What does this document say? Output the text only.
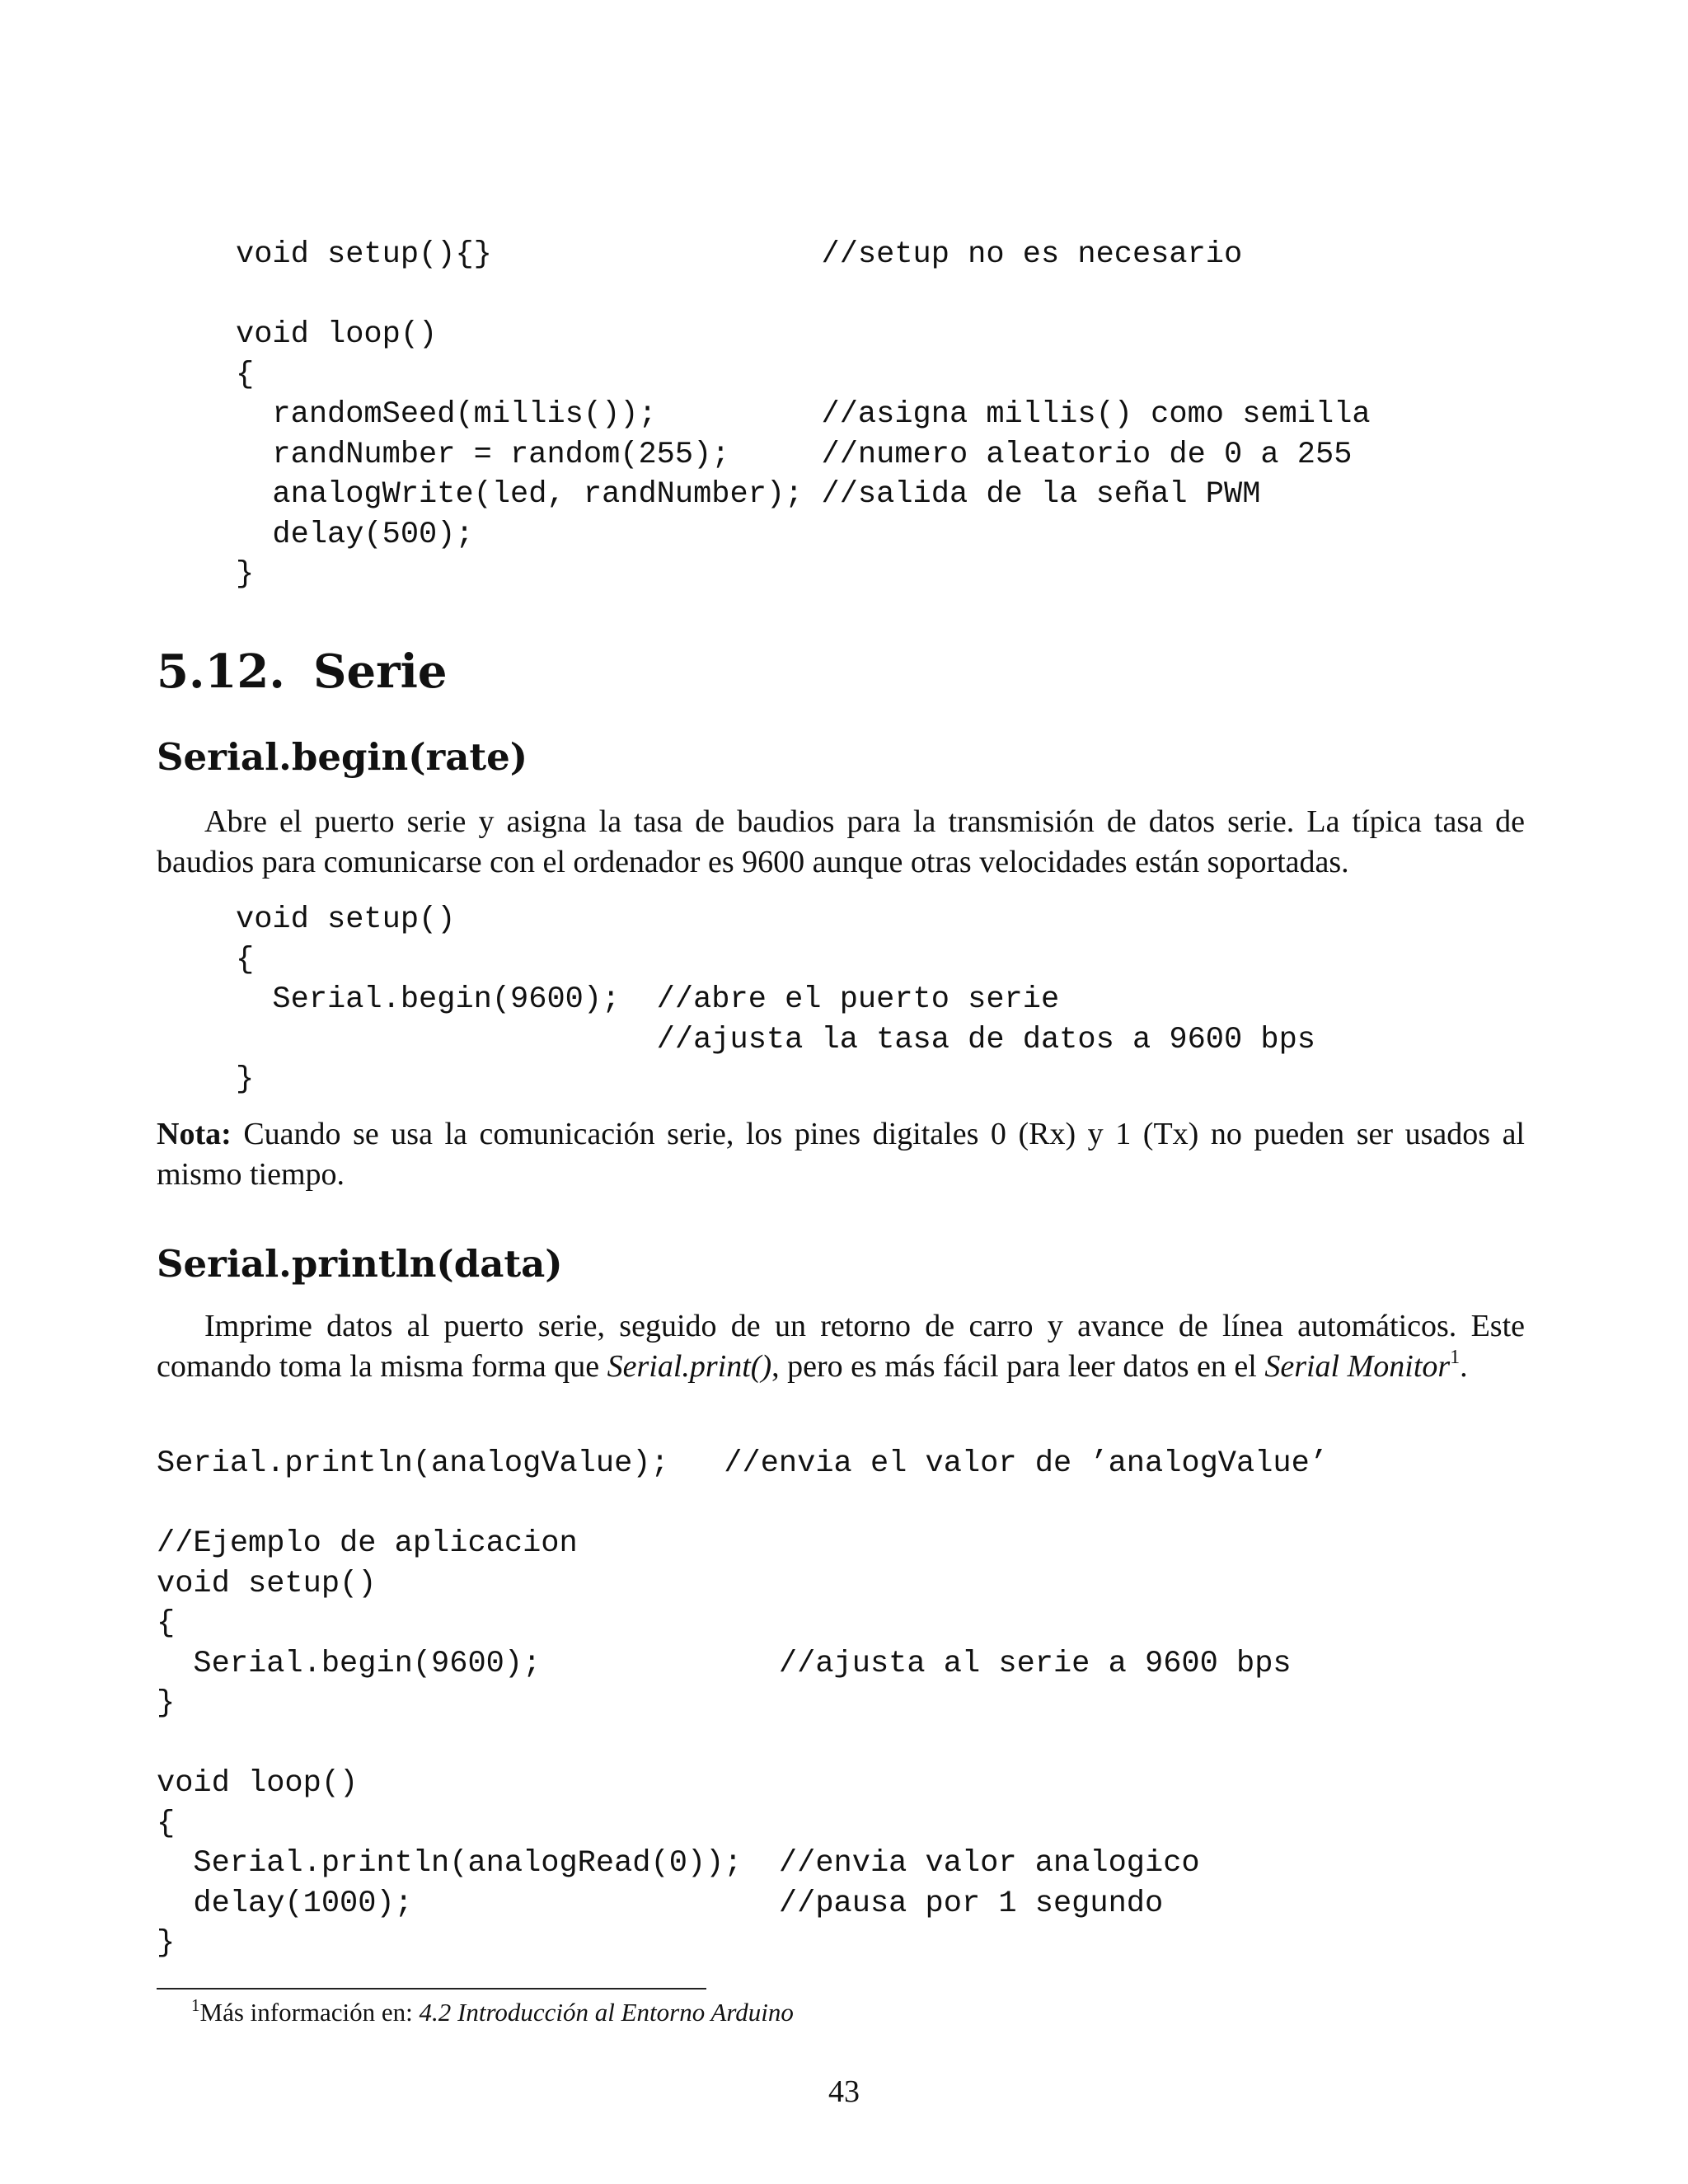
void setup(){}                  //setup no es necesario
void loop()
{
randomSeed(millis());         //asigna millis() como semilla
randNumber = random(255);     //numero aleatorio de 0 a 255
analogWrite(led, randNumber); //salida de la señal PWM
delay(500);
}
5.12. Serie
Serial.begin(rate)

Abre el puerto serie y asigna la tasa de baudios para la transmisión de datos serie. La típica tasa de baudios para comunicarse con el ordenador es 9600 aunque otras velocidades están soportadas.

void setup()
{
Serial.begin(9600);  //abre el puerto serie
//ajusta la tasa de datos a 9600 bps
}

Nota: Cuando se usa la comunicación serie, los pines digitales 0 (Rx) y 1 (Tx) no pueden ser usados al mismo tiempo.

Serial.println(data)

Imprime datos al puerto serie, seguido de un retorno de carro y avance de línea automáticos. Este comando toma la misma forma que Serial.print(), pero es más fácil para leer datos en el Serial Monitor$^1$.

Serial.println(analogValue);   //envia el valor de ’analogValue’
//Ejemplo de aplicacion
void setup()
{
Serial.begin(9600);             //ajusta al serie a 9600 bps
}
void loop()
{
Serial.println(analogRead(0));  //envia valor analogico
delay(1000);                    //pausa por 1 segundo
}
$^1$Más información en: 4.2 Introducción al Entorno Arduino
43
